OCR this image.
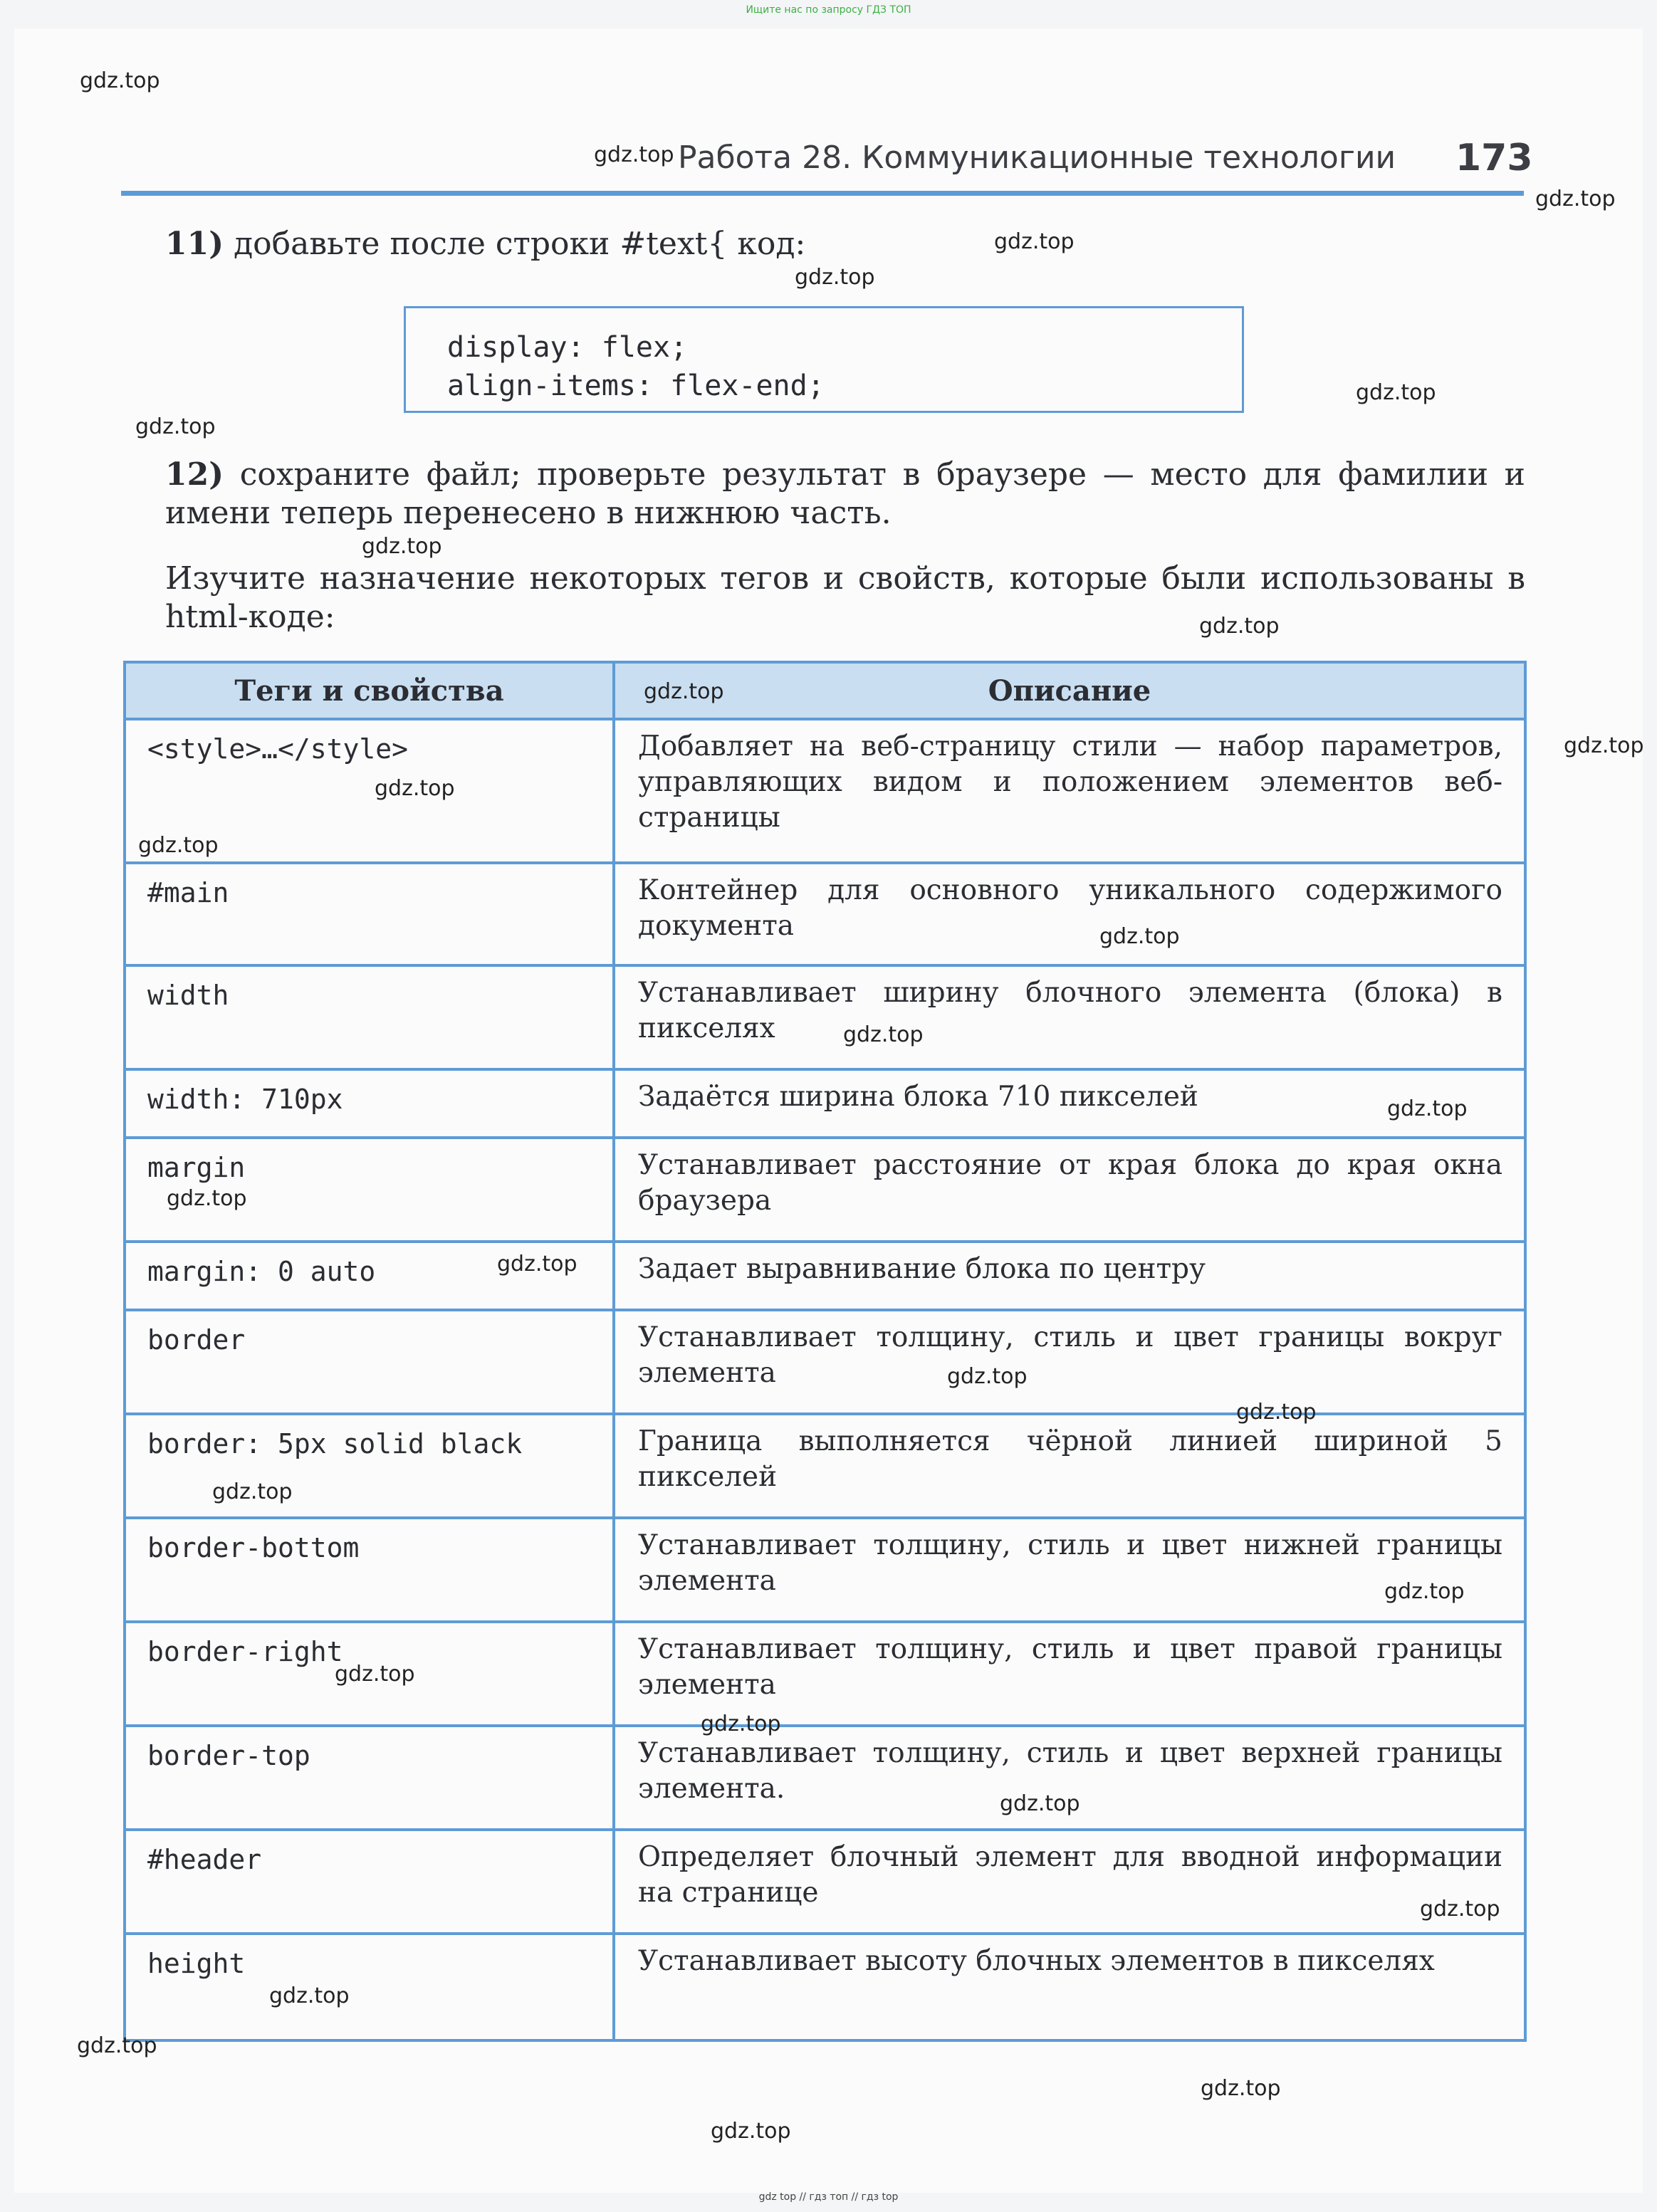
Ищите нас по запросу ГДЗ ТОП
Работа 28. Коммуникационные технологии 173
11) добавьте после строки #text{ код:
display: flex;
align-items: flex-end;
12) сохраните файл; проверьте результат в браузере — место для фамилии и имени теперь перенесено в нижнюю часть.
Изучите назначение некоторых тегов и свойств, которые были использованы в html-коде:
Теги и свойства	Описание
<style>…</style>	Добавляет на веб-страницу стили — набор параметров, управляющих видом и положением элементов веб-страницы
#main	Контейнер для основного уникального содержимого документа
width	Устанавливает ширину блочного элемента (блока) в пикселях
width: 710px	Задаётся ширина блока 710 пикселей
margin	Устанавливает расстояние от края блока до края окна браузера
margin: 0 auto	Задает выравнивание блока по центру
border	Устанавливает толщину, стиль и цвет границы вокруг элемента
border: 5px solid black	Граница выполняется чёрной линией шириной 5 пикселей
border-bottom	Устанавливает толщину, стиль и цвет нижней границы элемента
border-right	Устанавливает толщину, стиль и цвет правой границы элемента
border-top	Устанавливает толщину, стиль и цвет верхней границы элемента.
#header	Определяет блочный элемент для вводной информации на странице
height	Устанавливает высоту блочных элементов в пикселях
gdz.top
gdz.top
gdz.top
gdz.top
gdz.top
gdz.top
gdz.top
gdz.top
gdz.top
gdz.top
gdz.top
gdz.top
gdz.top
gdz.top
gdz.top
gdz.top
gdz.top
gdz.top
gdz.top
gdz.top
gdz.top
gdz.top
gdz.top
gdz.top
gdz.top
gdz.top
gdz.top
gdz.top
gdz.top
gdz.top
gdz top // гдз топ // гдз top
